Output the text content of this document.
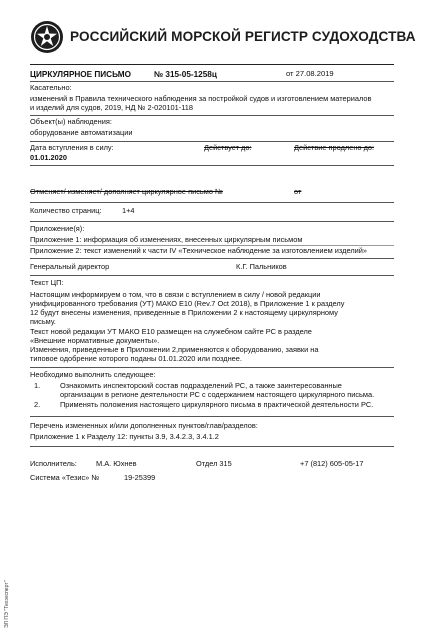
РОССИЙСКИЙ МОРСКОЙ РЕГИСТР СУДОХОДСТВА
ЦИРКУЛЯРНОЕ ПИСЬМО	№ 315-05-1258ц	от 27.08.2019
Касательно:
изменений в Правила технического наблюдения за постройкой судов и изготовлением материалов
и изделий для судов, 2019, НД № 2-020101-118
Объект(ы) наблюдения:
оборудование автоматизации
Дата вступления в силу:
01.01.2020
Действует до:	Действие продлено до:
Отменяет/ изменяет/ дополняет циркулярное письмо №	от
Количество страниц:	1+4
Приложение(я):
Приложение 1: информация об изменениях, внесенных циркулярным письмом
Приложение 2: текст изменений к части IV «Техническое наблюдение за изготовлением изделий»
Генеральный директор	К.Г. Пальников
Текст ЦП:
Настоящим информируем о том, что в связи с вступлением в силу / новой редакции
унифицированного требования (УТ) МАКО Е10 (Rev.7 Oct 2018), в Приложение 1 к разделу
12 будут внесены изменения, приведенные в Приложении 2 к настоящему циркулярному
письму.
Текст новой редакции УТ МАКО Е10 размещен на служебном сайте РС в разделе
«Внешние нормативные документы».
Изменения, приведенные в Приложении 2,применяются к оборудованию, заявки на
типовое одобрение которого поданы 01.01.2020 или позднее.
Необходимо выполнить следующее:
1.	Ознакомить инспекторский состав подразделений РС, а также заинтересованные
организации в регионе деятельности РС с содержанием настоящего циркулярного письма.
2.	Применять положения настоящего циркулярного письма в практической деятельности РС.
Перечень измененных и/или дополненных пунктов/глав/разделов:
Приложение 1 к Разделу 12: пункты 3.9, 3.4.2.3, 3.4.1.2
Исполнитель:	М.А. Юхнев	Отдел 315	+7 (812) 605-05-17
Система «Тезис» №	19-25399
ЭЛ ПЭ "Техэксперт"
